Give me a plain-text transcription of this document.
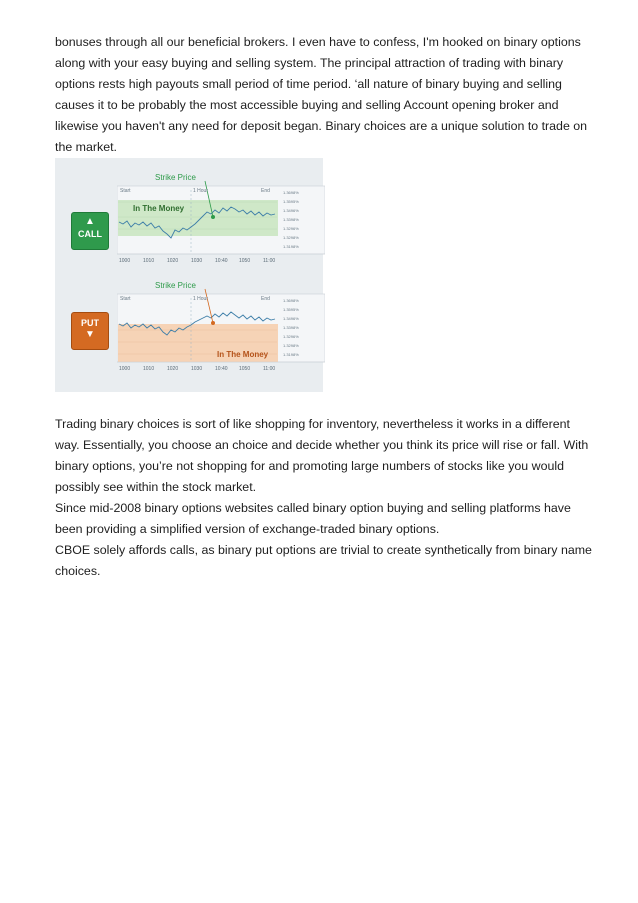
bonuses through all our beneficial brokers. I even have to confess, I'm hooked on binary options along with your easy buying and selling system. The principal attraction of trading with binary options rests high payouts small period of time period. ‘all nature of binary buying and selling causes it to be probably the most accessible buying and selling Account opening broker and likewise you haven't any need for deposit began. Binary choices are a unique solution to trade on the market.

▲
CALL
PUT
▼
Start	1 Hour	End	1.3698%
1.3595%
1.3496%
1.3398%
1.3296%
1.3298%
1.3198%
1000	1010	1020	1030	10:40 1050	11:00
Strike Price
In The Money
Start	1 Hour	End	1.3698%
1.3595%
1.3496%
1.3398%
1.3296%
1.3298%
1.3198%
1000	1010	1020	1030	10:40 1050	11:00
Strike Price
In The Money
Trading binary choices is sort of like shopping for inventory, nevertheless it works in a different way. Essentially, you choose an choice and decide whether you think its price will rise or fall. With binary options, you’re not shopping for and promoting large numbers of stocks like you would possibly see within the stock market.
Since mid-2008 binary options websites called binary option buying and selling platforms have been providing a simplified version of exchange-traded binary options.
CBOE solely affords calls, as binary put options are trivial to create synthetically from binary name choices.
